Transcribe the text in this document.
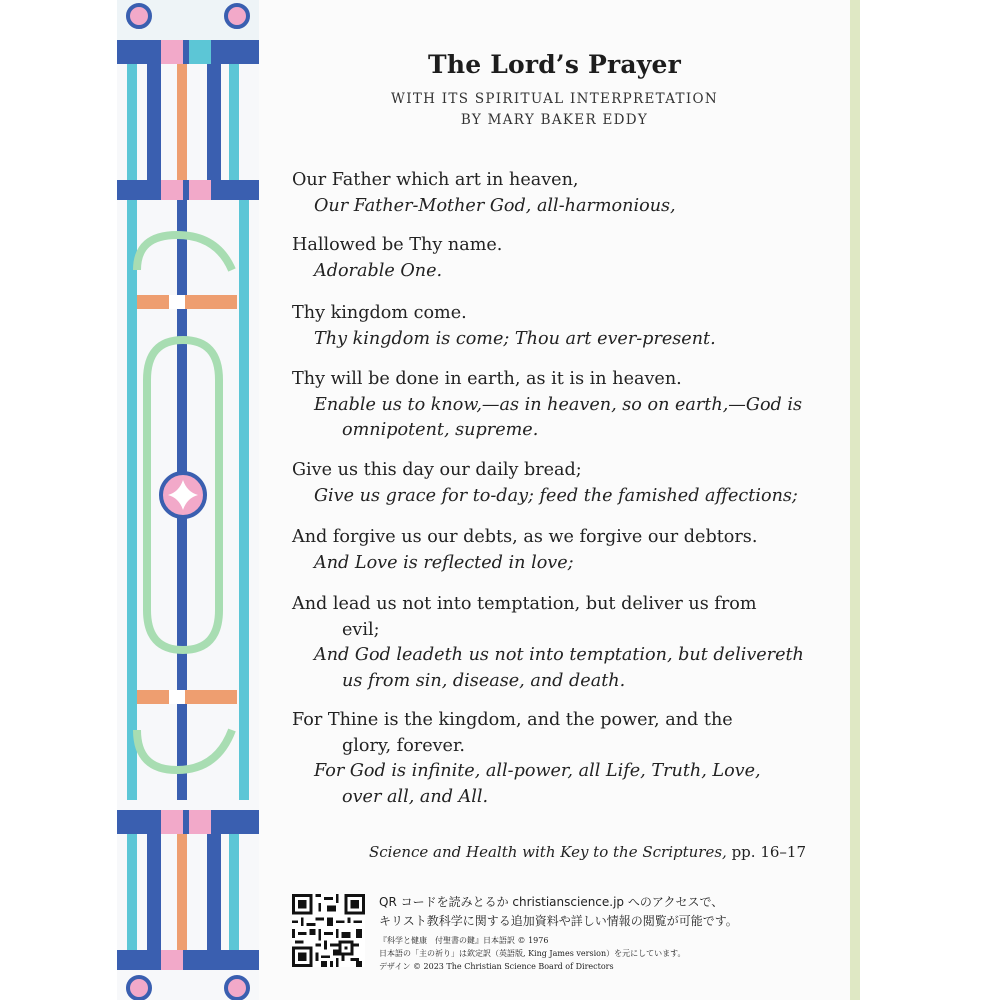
The Lord’s Prayer
WITH ITS SPIRITUAL INTERPRETATION
BY MARY BAKER EDDY
Our Father which art in heaven,
Our Father-Mother God, all-harmonious,
Hallowed be Thy name.
Adorable One.
Thy kingdom come.
Thy kingdom is come; Thou art ever-present.
Thy will be done in earth, as it is in heaven.
Enable us to know,—as in heaven, so on earth,—God is
omnipotent, supreme.
Give us this day our daily bread;
Give us grace for to-day; feed the famished affections;
And forgive us our debts, as we forgive our debtors.
And Love is reflected in love;
And lead us not into temptation, but deliver us from
evil;
And God leadeth us not into temptation, but delivereth
us from sin, disease, and death.
For Thine is the kingdom, and the power, and the
glory, forever.
For God is infinite, all-power, all Life, Truth, Love,
over all, and All.
Science and Health with Key to the Scriptures, pp. 16–17
QR コードを読みとるか christianscience.jp へのアクセスで、
キリスト教科学に関する追加資料や詳しい情報の閲覧が可能です。
『科学と健康　付聖書の鍵』日本語訳 © 1976
日本語の「主の祈り」は欽定訳（英語版, King James version）を元にしています。
デザイン © 2023 The Christian Science Board of Directors
